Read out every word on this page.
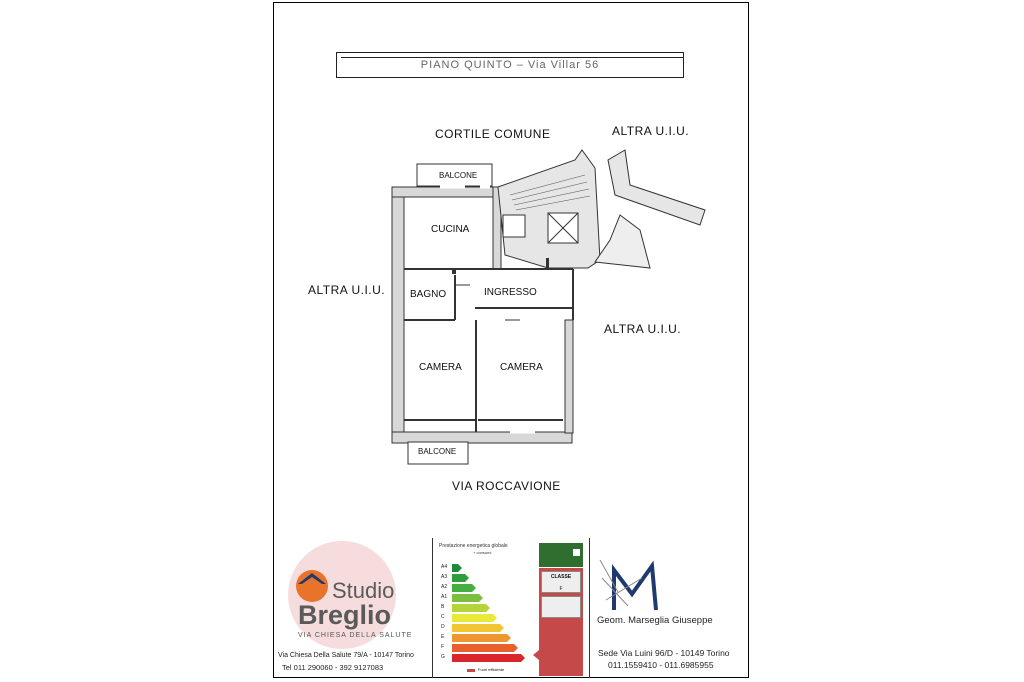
PIANO QUINTO – Via Villar 56
CORTILE COMUNE	ALTRA U.I.U.
ALTRA U.I.U.
ALTRA U.I.U.
VIA ROCCAVIONE
BALCONE
CUCINA
BAGNO	INGRESSO
CAMERA	CAMERA
BALCONE
Studio
Breglio
VIA CHIESA DELLA SALUTE
Via Chiesa Della Salute 79/A - 10147 Torino
Tel 011 290060 - 392 9127083
Prestazione energetica globale
+ consumi
A4
A3
A2
A1
B
C
D
E
F
G
CLASSE
F
Fuori efficiente
Geom. Marseglia Giuseppe
Sede Via Luini 96/D - 10149 Torino
011.1559410 - 011.6985955
